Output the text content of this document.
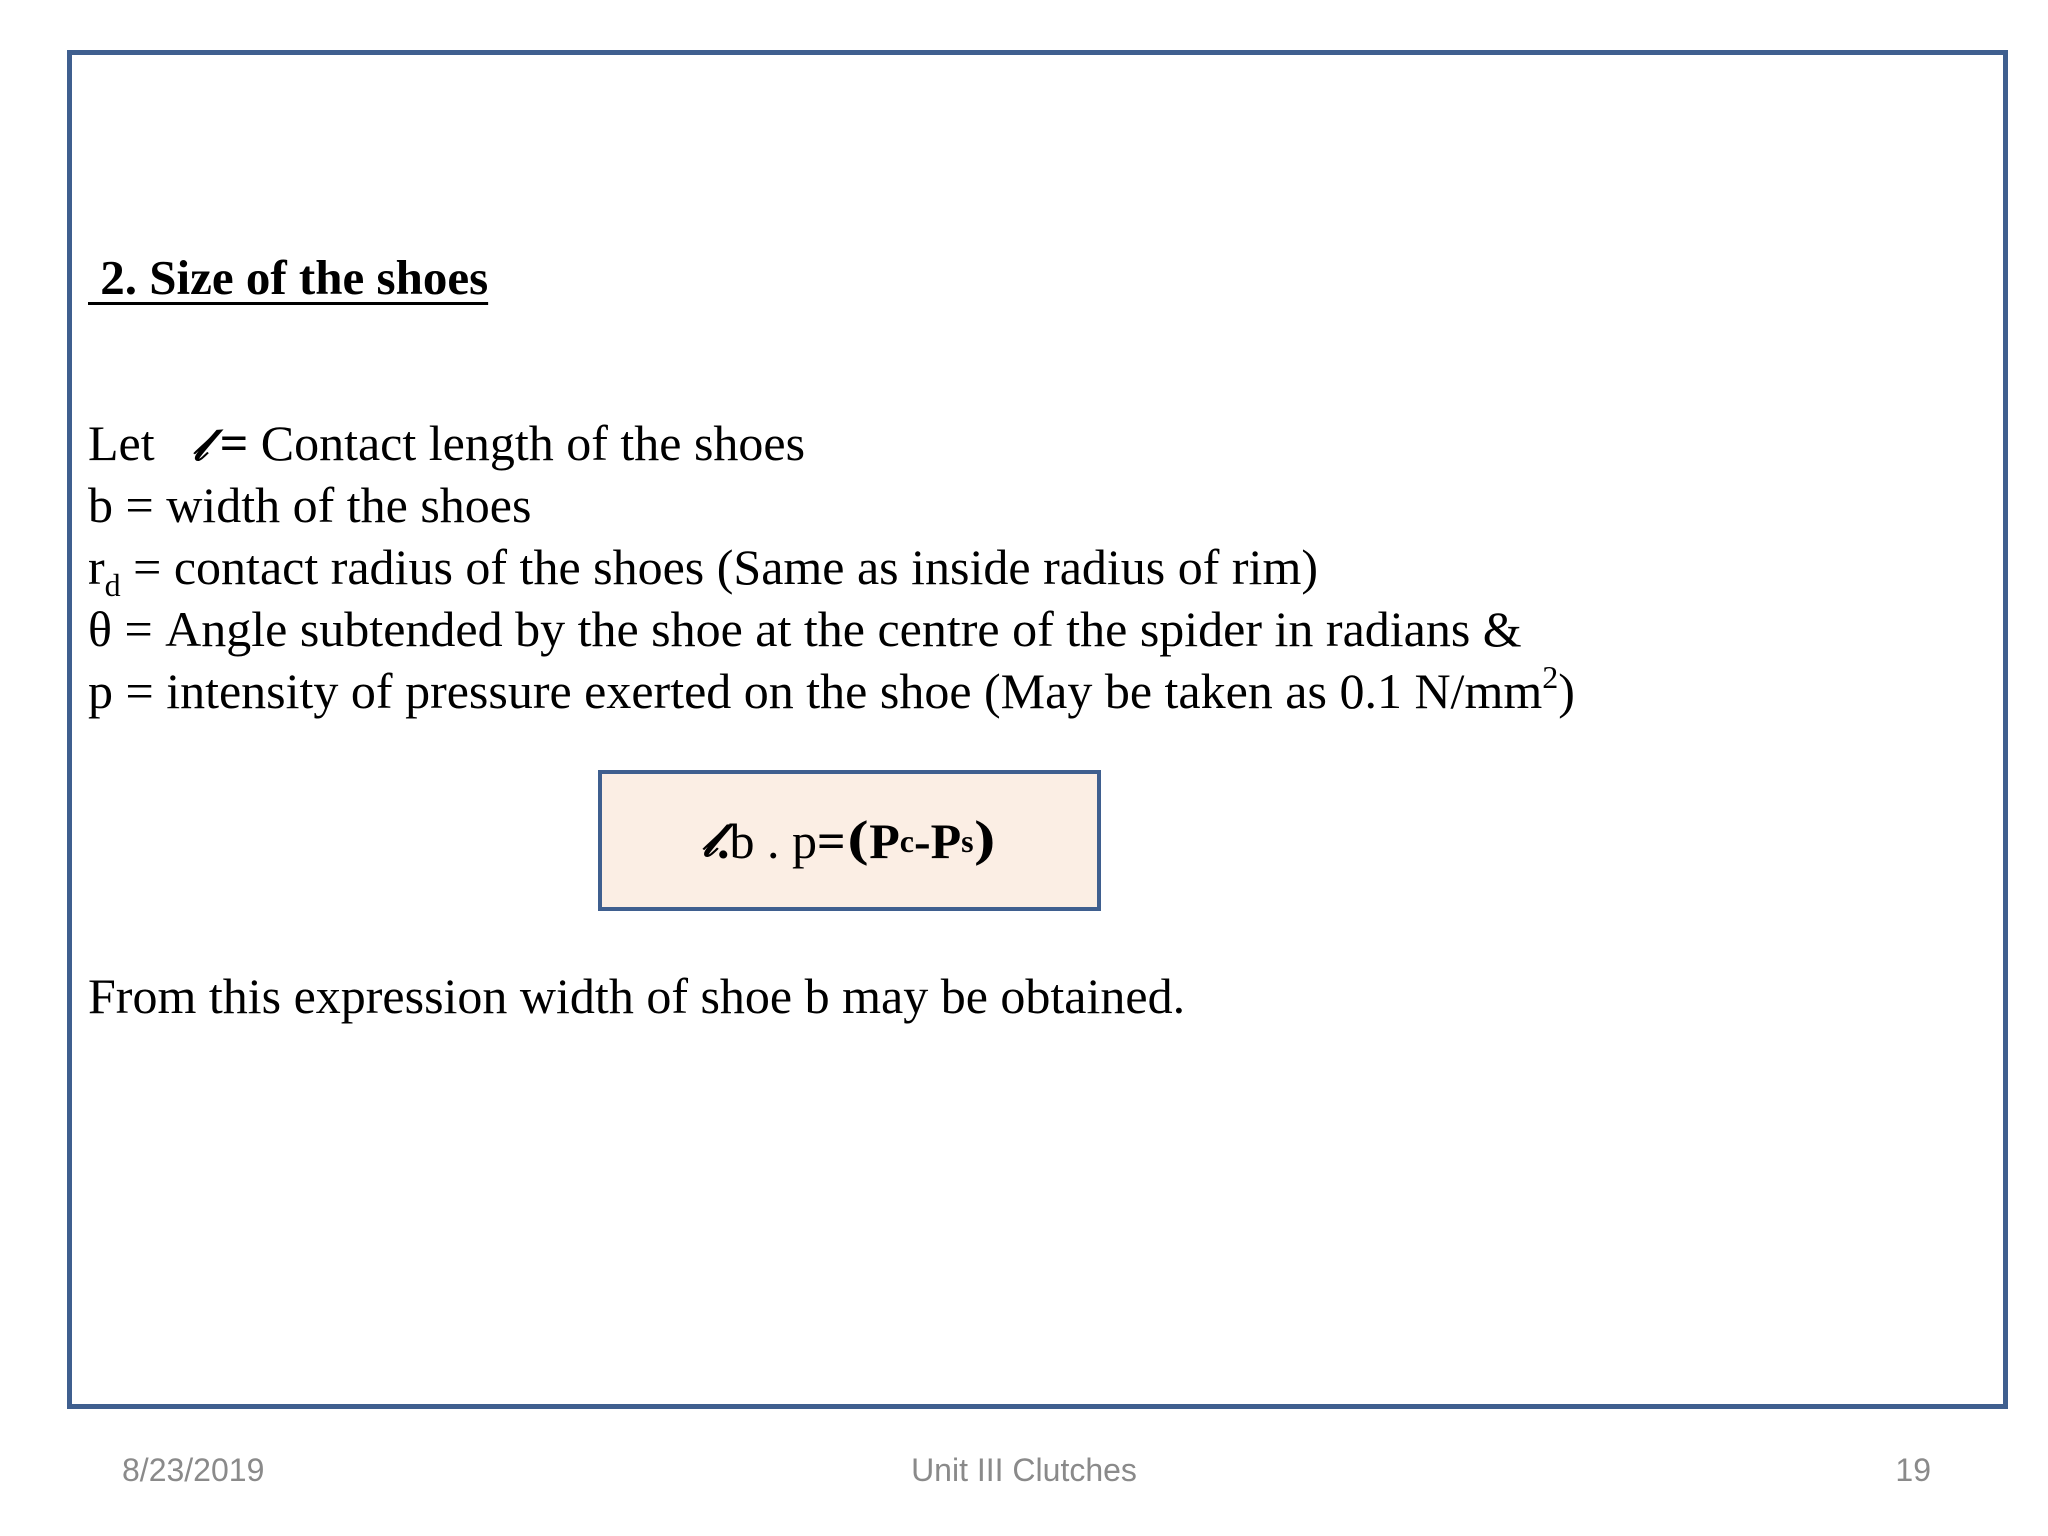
2. Size of the shoes
Let 𝓁 = Contact length of the shoes
b = width of the shoes
$r_d$ = contact radius of the shoes (Same as inside radius of rim)
θ = Angle subtended by the shoe at the centre of the spider in radians &
p = intensity of pressure exerted on the shoe (May be taken as 0.1 $N/mm^2$)
𝓁 . b . p = ( P c - P s )
From this expression width of shoe b may be obtained.
8/23/2019	Unit III Clutches	19
